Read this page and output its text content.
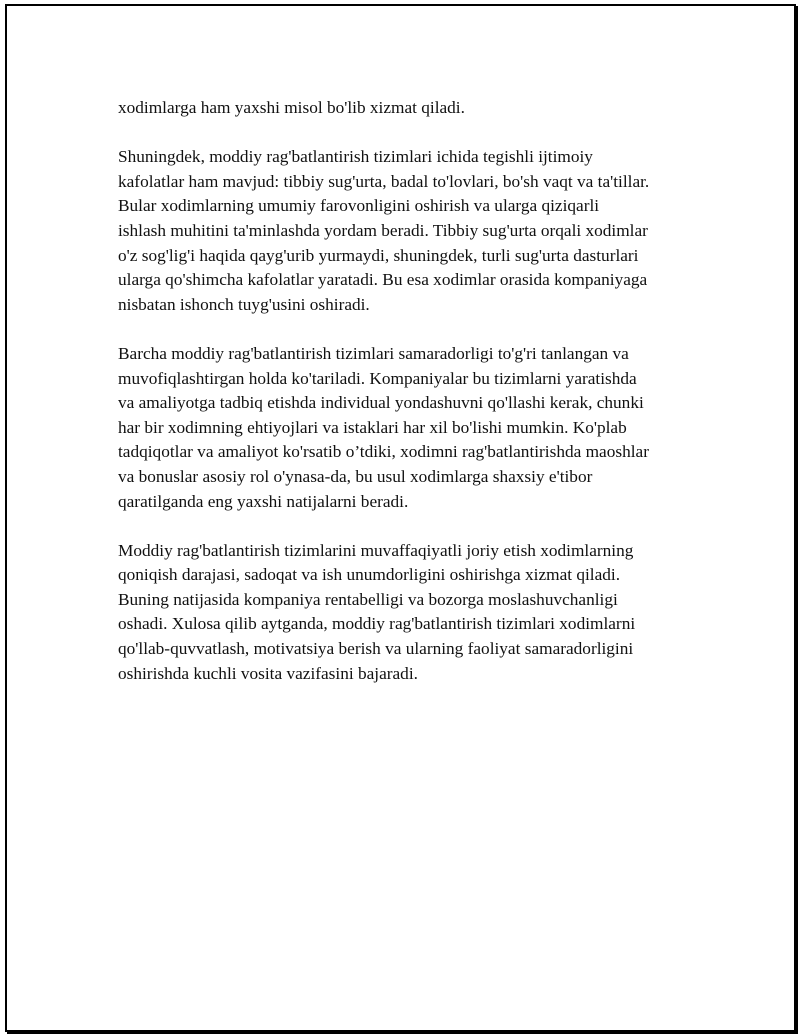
xodimlarga ham yaxshi misol bo'lib xizmat qiladi.

Shuningdek, moddiy rag'batlantirish tizimlari ichida tegishli ijtimoiy
kafolatlar ham mavjud: tibbiy sug'urta, badal to'lovlari, bo'sh vaqt va ta'tillar.
Bular xodimlarning umumiy farovonligini oshirish va ularga qiziqarli
ishlash muhitini ta'minlashda yordam beradi. Tibbiy sug'urta orqali xodimlar
o'z sog'lig'i haqida qayg'urib yurmaydi, shuningdek, turli sug'urta dasturlari
ularga qo'shimcha kafolatlar yaratadi. Bu esa xodimlar orasida kompaniyaga
nisbatan ishonch tuyg'usini oshiradi.

Barcha moddiy rag'batlantirish tizimlari samaradorligi to'g'ri tanlangan va
muvofiqlashtirgan holda ko'tariladi. Kompaniyalar bu tizimlarni yaratishda
va amaliyotga tadbiq etishda individual yondashuvni qo'llashi kerak, chunki
har bir xodimning ehtiyojlari va istaklari har xil bo'lishi mumkin. Ko'plab
tadqiqotlar va amaliyot ko'rsatib o’tdiki, xodimni rag'batlantirishda maoshlar
va bonuslar asosiy rol o'ynasa-da, bu usul xodimlarga shaxsiy e'tibor
qaratilganda eng yaxshi natijalarni beradi.

Moddiy rag'batlantirish tizimlarini muvaffaqiyatli joriy etish xodimlarning
qoniqish darajasi, sadoqat va ish unumdorligini oshirishga xizmat qiladi.
Buning natijasida kompaniya rentabelligi va bozorga moslashuvchanligi
oshadi. Xulosa qilib aytganda, moddiy rag'batlantirish tizimlari xodimlarni
qo'llab-quvvatlash, motivatsiya berish va ularning faoliyat samaradorligini
oshirishda kuchli vosita vazifasini bajaradi.
